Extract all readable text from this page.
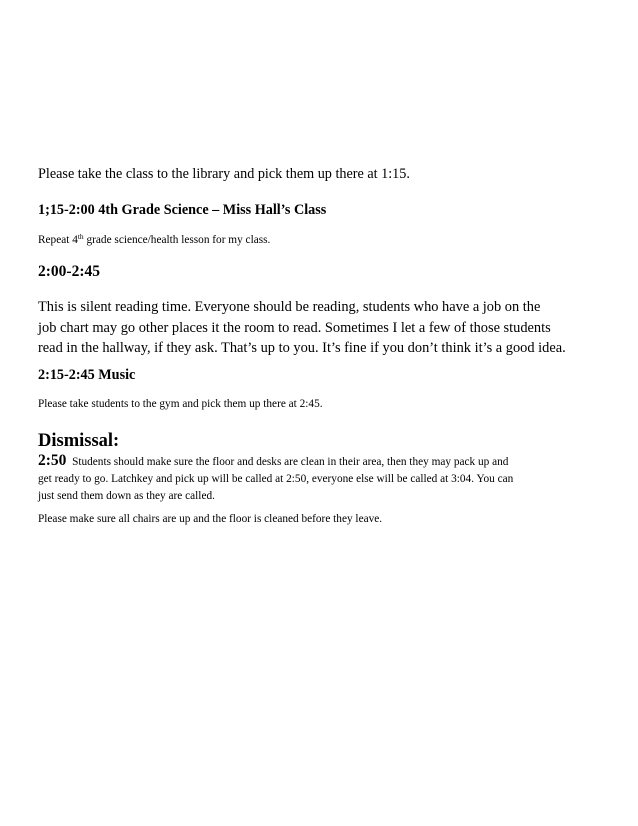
Please take the class to the library and pick them up there at 1:15.
1;15-2:00 4th Grade Science – Miss Hall’s Class
Repeat 4th grade science/health lesson for my class.
2:00-2:45
This is silent reading time. Everyone should be reading, students who have a job on the
job chart may go other places it the room to read. Sometimes I let a few of those students
read in the hallway, if they ask. That’s up to you. It’s fine if you don’t think it’s a good idea.
2:15-2:45 Music
Please take students to the gym and pick them up there at 2:45.
Dismissal:
2:50  Students should make sure the floor and desks are clean in their area, then they may pack up and
get ready to go. Latchkey and pick up will be called at 2:50, everyone else will be called at 3:04. You can
just send them down as they are called.
Please make sure all chairs are up and the floor is cleaned before they leave.
